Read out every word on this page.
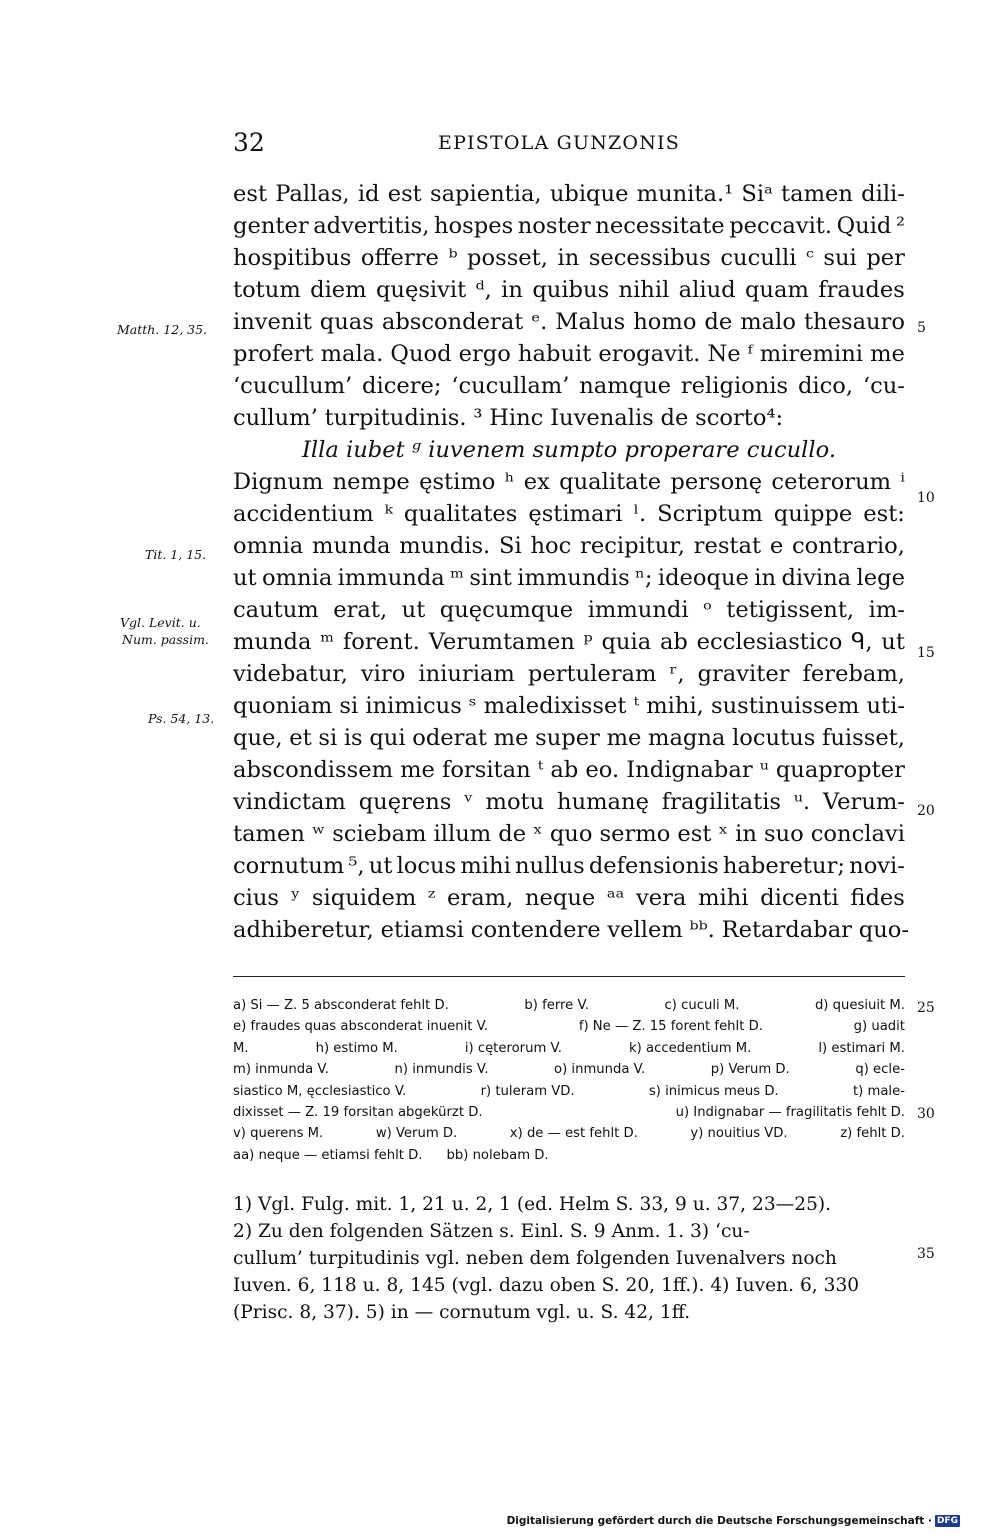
32	EPISTOLA GUNZONIS
est Pallas, id est sapientia, ubique munita.¹ Siᵃ tamen dili-
genter advertitis, hospes noster necessitate peccavit. Quid ²
hospitibus offerre ᵇ posset, in secessibus cuculli ᶜ sui per
totum diem quęsivit ᵈ, in quibus nihil aliud quam fraudes
invenit quas absconderat ᵉ. Malus homo de malo thesauro
profert mala. Quod ergo habuit erogavit. Ne ᶠ miremini me
‘cucullum’ dicere; ‘cucullam’ namque religionis dico, ‘cu-
cullum’ turpitudinis. ³ Hinc Iuvenalis de scorto⁴:
Illa iubet ᵍ iuvenem sumpto properare cucullo.
Dignum nempe ęstimo ʰ ex qualitate personę ceterorum ⁱ
accidentium ᵏ qualitates ęstimari ˡ. Scriptum quippe est:
omnia munda mundis. Si hoc recipitur, restat e contrario,
ut omnia immunda ᵐ sint immundis ⁿ; ideoque in divina lege
cautum erat, ut quęcumque immundi ᵒ tetigissent, im-
munda ᵐ forent. Verumtamen ᵖ quia ab ecclesiastico ᑫ, ut
videbatur, viro iniuriam pertuleram ʳ, graviter ferebam,
quoniam si inimicus ˢ maledixisset ᵗ mihi, sustinuissem uti-
que, et si is qui oderat me super me magna locutus fuisset,
abscondissem me forsitan ᵗ ab eo. Indignabar ᵘ quapropter
vindictam quęrens ᵛ motu humanę fragilitatis ᵘ. Verum-
tamen ʷ sciebam illum de ˣ quo sermo est ˣ in suo conclavi
cornutum ⁵, ut locus mihi nullus defensionis haberetur; novi-
cius ʸ siquidem ᶻ eram, neque ᵃᵃ vera mihi dicenti fides
adhiberetur, etiamsi contendere vellem ᵇᵇ. Retardabar quo-
Matth. 12, 35.
Tit. 1, 15.
Vgl. Levit. u.
Num. passim.
Ps. 54, 13.
5
10
15
20
25
30
35
a) Si — Z. 5 absconderat fehlt D.	b) ferre V.	c) cuculi M.	d) quesiuit M.
e) fraudes quas absconderat inuenit V.	f) Ne — Z. 15 forent fehlt D.	g) uadit
M.	h) estimo M.	i) cęterorum V.	k) accedentium M.	l) estimari M.
m) inmunda V.	n) inmundis V.	o) inmunda V.	p) Verum D.	q) ecle-
siastico M, ęcclesiastico V.	r) tuleram VD.	s) inimicus meus D.	t) male-
dixisset — Z. 19 forsitan abgekürzt D.	u) Indignabar — fragilitatis fehlt D.
v) querens M.	w) Verum D.	x) de — est fehlt D.	y) nouitius VD.	z) fehlt D.
aa) neque — etiamsi fehlt D. bb) nolebam D.
1) Vgl. Fulg. mit. 1, 21 u. 2, 1 (ed. Helm S. 33, 9 u. 37, 23—25).
2) Zu den folgenden Sätzen s. Einl. S. 9 Anm. 1. 3) ‘cu-
cullum’ turpitudinis vgl. neben dem folgenden Iuvenalvers noch
Iuven. 6, 118 u. 8, 145 (vgl. dazu oben S. 20, 1ff.). 4) Iuven. 6, 330
(Prisc. 8, 37). 5) in — cornutum vgl. u. S. 42, 1ff.
Digitalisierung gefördert durch die Deutsche Forschungsgemeinschaft · DFG
